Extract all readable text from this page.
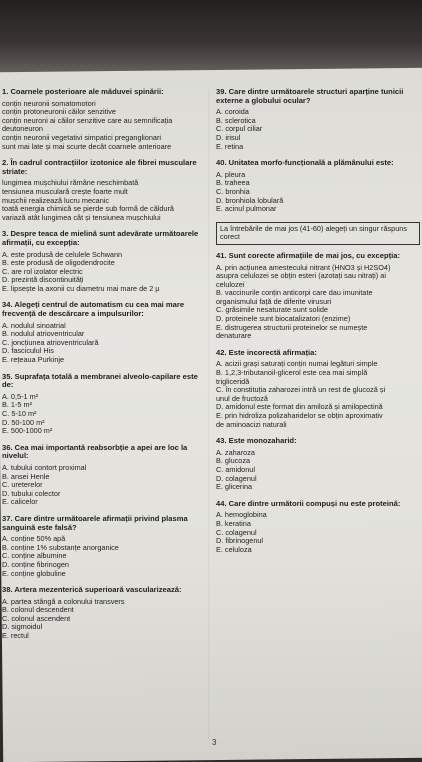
1. Coarnele posterioare ale măduvei spinării:
conțin neuronii somatomotori
conțin protoneuronii căilor senzitive
conțin neuroni ai căilor senzitive care au semnificația
deutoneuron
conțin neuronii vegetativi simpatici preganglionari
sunt mai late și mai scurte decât coarnele anterioare
2. În cadrul contracțiilor izotonice ale fibrei musculare striate:
lungimea mușchiului rămâne neschimbată
tensiunea musculară crește foarte mult
mușchii realizează lucru mecanic
toată energia chimică se pierde sub formă de căldură
variază atât lungimea cât și tensiunea mușchiului
3. Despre teaca de mielină sunt adevărate următoarele afirmații, cu excepția:
A. este produsă de celulele Schwann
B. este produsă de oligodendrocite
C. are rol izolator electric
D. prezintă discontinuități
E. lipsește la axonii cu diametru mai mare de 2 µ
34. Alegeți centrul de automatism cu cea mai mare frecvență de descărcare a impulsurilor:
A. nodulul sinoatrial
B. nodulul atrioventricular
C. joncțiunea atrioventriculară
D. fasciculul His
E. rețeaua Purkinje
35. Suprafața totală a membranei alveolo-capilare este de:
A. 0,5-1 m²
B. 1-5 m²
C. 5-10 m²
D. 50-100 m²
E. 500-1000 m²
36. Cea mai importantă reabsorbție a apei are loc la nivelul:
A. tubului contort proximal
B. ansei Henle
C. ureterelor
D. tubului colector
E. calicelor
37. Care dintre următoarele afirmații privind plasma sanguină este falsă?
A. conține 50% apă
B. conține 1% substanțe anorganice
C. conține albumine
D. conține fibrinogen
E. conține globuline
38. Artera mezenterică superioară vascularizează:
A. partea stângă a colonului transvers
B. colonul descendent
C. colonul ascendent
D. sigmoidul
E. rectul
39. Care dintre următoarele structuri aparține tunicii externe a globului ocular?
A. coroida
B. sclerotica
C. corpul ciliar
D. irisul
E. retina
40. Unitatea morfo-funcțională a plămânului este:
A. pleura
B. traheea
C. bronhia
D. bronhiola lobulară
E. acinul pulmonar
La întrebările de mai jos (41-60) alegeți un singur răspuns corect
41. Sunt corecte afirmațiile de mai jos, cu excepția:
A. prin acțiunea amestecului nitrant (HNO3 și H2SO4)
asupra celulozei se obțin esteri (azotați sau nitrați) ai
celulozei
B. vaccinurile conțin anticorpi care dau imunitate
organismului față de diferite virusuri
C. grăsimile nesaturate sunt solide
D. proteinele sunt biocatalizatori (enzime)
E. distrugerea structurii proteinelor se numește
denaturare
42. Este incorectă afirmația:
A. acizii grași saturați conțin numai legături simple
B. 1,2,3-tributanoil-glicerol este cea mai simplă
trigliceridă
C. în constituția zaharozei intră un rest de glucoză și
unul de fructoză
D. amidonul este format din amiloză și amilopectină
E. prin hidroliza polizaharidelor se obțin aproximativ
de aminoacizi naturali
43. Este monozaharid:
A. zaharoza
B. glucoza
C. amidonul
D. colagenul
E. glicerina
44. Care dintre următorii compuși nu este proteină:
A. hemoglobina
B. keratina
C. colagenul
D. fibrinogenul
E. celuloza
3
